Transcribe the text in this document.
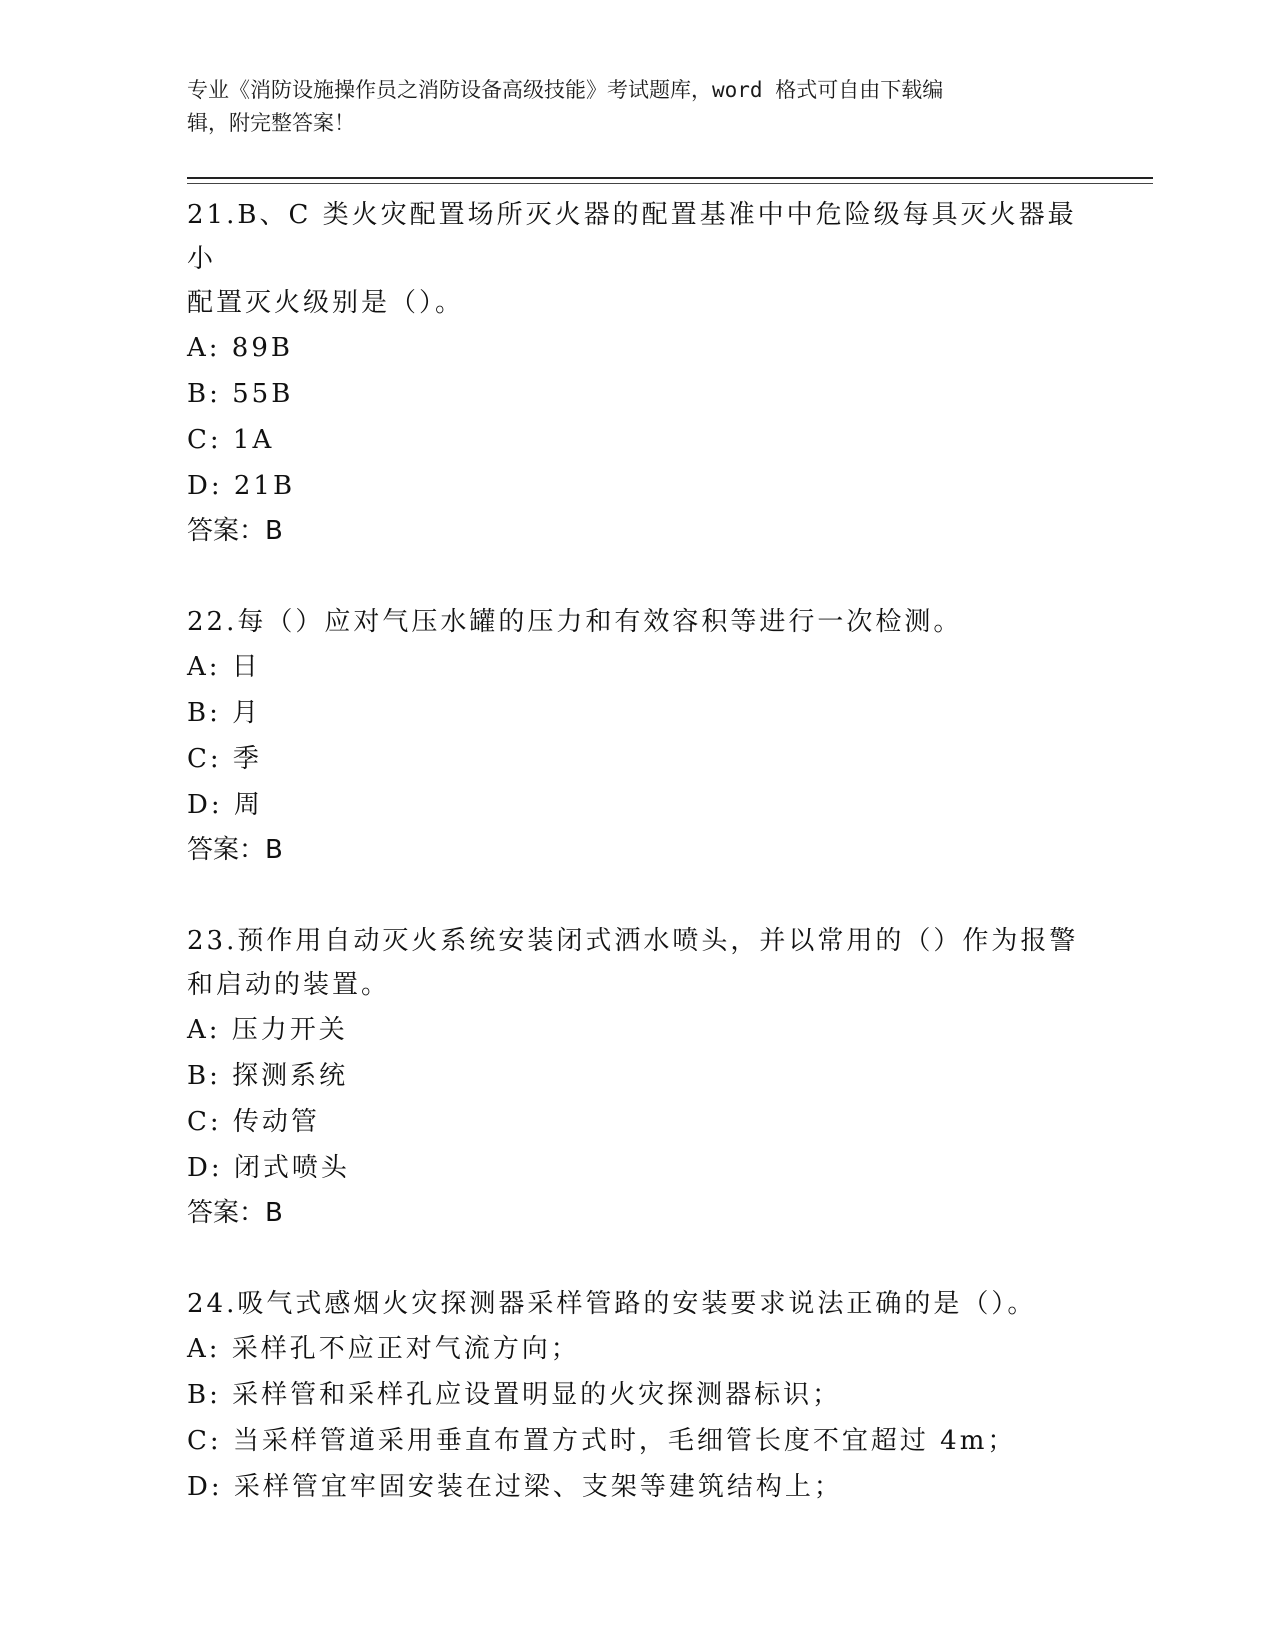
专业《消防设施操作员之消防设备高级技能》考试题库，word 格式可自由下载编
辑，附完整答案！

21.B、C 类火灾配置场所灭火器的配置基准中中危险级每具灭火器最小

配置灭火级别是（）。

A: 89B

B: 55B

C: 1A

D: 21B

答案：B

22.每（）应对气压水罐的压力和有效容积等进行一次检测。

A: 日

B: 月

C: 季

D: 周

答案：B

23.预作用自动灭火系统安装闭式洒水喷头，并以常用的（）作为报警

和启动的装置。

A: 压力开关

B: 探测系统

C: 传动管

D: 闭式喷头

答案：B

24.吸气式感烟火灾探测器采样管路的安装要求说法正确的是（）。

A: 采样孔不应正对气流方向；

B: 采样管和采样孔应设置明显的火灾探测器标识；

C: 当采样管道采用垂直布置方式时，毛细管长度不宜超过 4m；

D: 采样管宜牢固安装在过梁、支架等建筑结构上；
